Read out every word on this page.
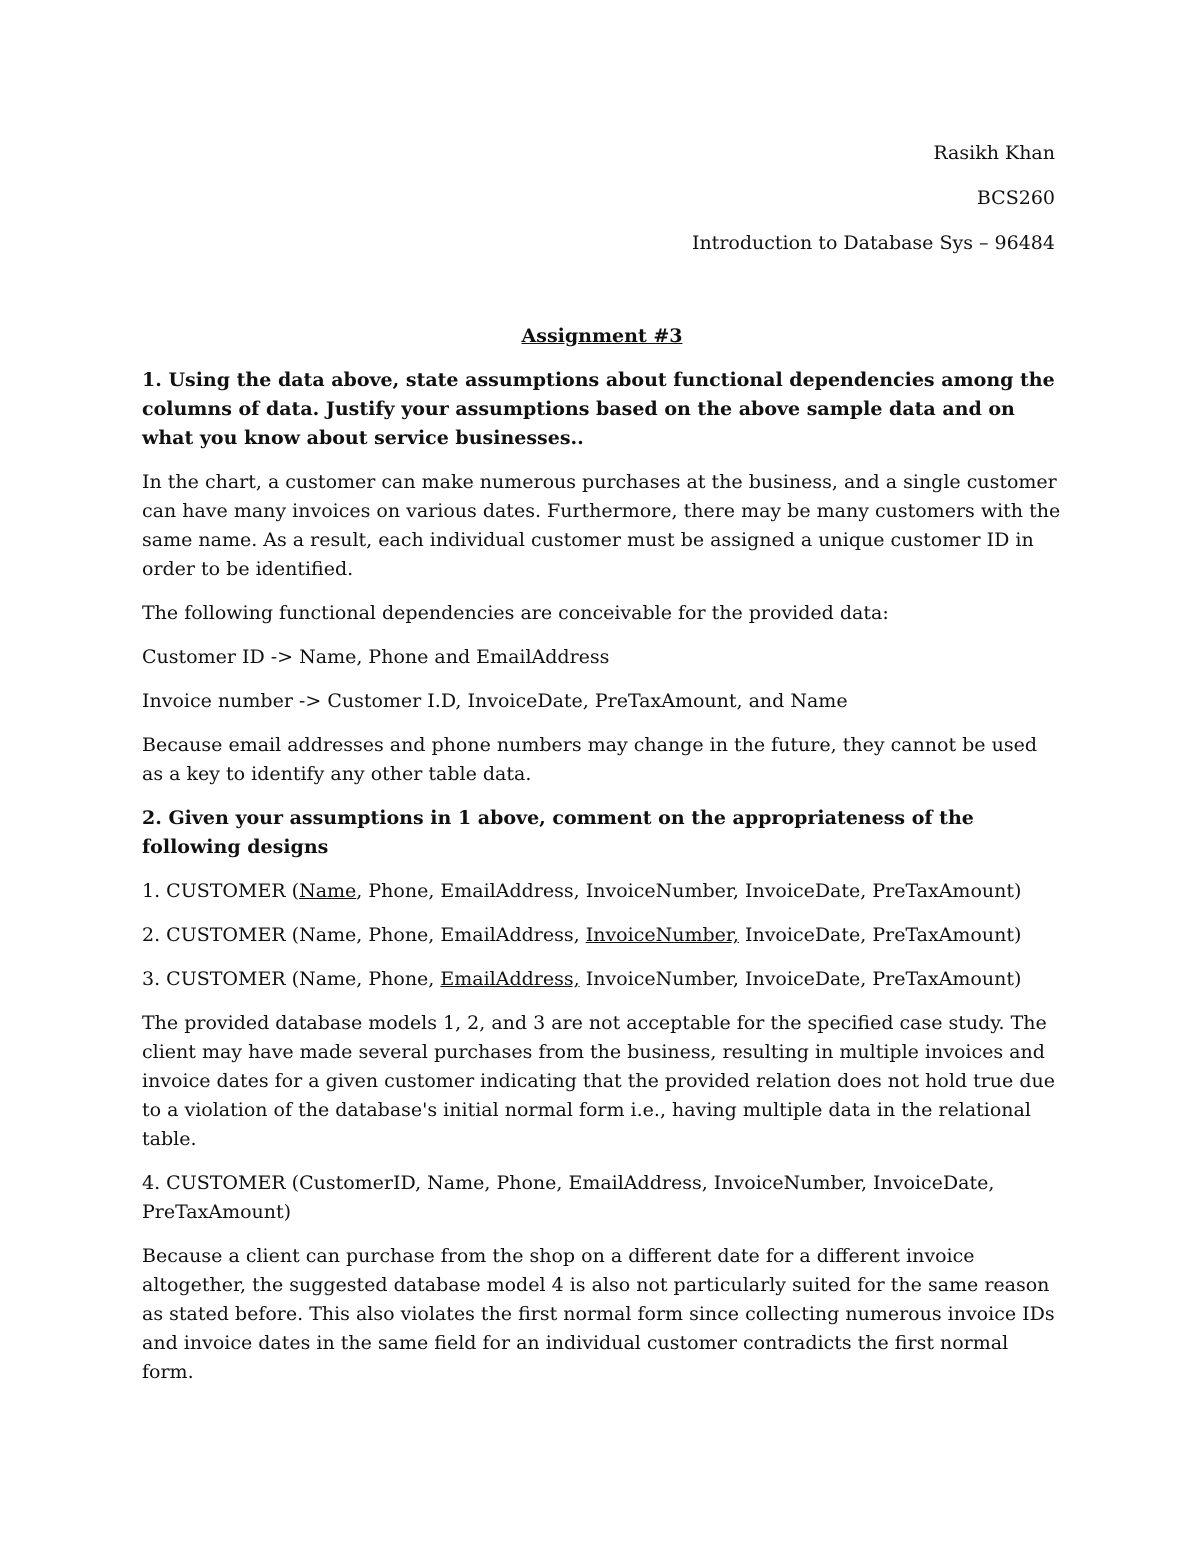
Rasikh Khan
BCS260
Introduction to Database Sys – 96484
Assignment #3

1. Using the data above, state assumptions about functional dependencies among the columns of data. Justify your assumptions based on the above sample data and on what you know about service businesses..

In the chart, a customer can make numerous purchases at the business, and a single customer can have many invoices on various dates. Furthermore, there may be many customers with the same name. As a result, each individual customer must be assigned a unique customer ID in order to be identified.

The following functional dependencies are conceivable for the provided data:

Customer ID -> Name, Phone and EmailAddress

Invoice number -> Customer I.D, InvoiceDate, PreTaxAmount, and Name

Because email addresses and phone numbers may change in the future, they cannot be used as a key to identify any other table data.

2. Given your assumptions in 1 above, comment on the appropriateness of the following designs

1. CUSTOMER (Name, Phone, EmailAddress, InvoiceNumber, InvoiceDate, PreTaxAmount)

2. CUSTOMER (Name, Phone, EmailAddress, InvoiceNumber, InvoiceDate, PreTaxAmount)

3. CUSTOMER (Name, Phone, EmailAddress, InvoiceNumber, InvoiceDate, PreTaxAmount)

The provided database models 1, 2, and 3 are not acceptable for the specified case study. The client may have made several purchases from the business, resulting in multiple invoices and invoice dates for a given customer indicating that the provided relation does not hold true due to a violation of the database's initial normal form i.e., having multiple data in the relational table.

4. CUSTOMER (CustomerID, Name, Phone, EmailAddress, InvoiceNumber, InvoiceDate, PreTaxAmount)

Because a client can purchase from the shop on a different date for a different invoice altogether, the suggested database model 4 is also not particularly suited for the same reason as stated before. This also violates the first normal form since collecting numerous invoice IDs and invoice dates in the same field for an individual customer contradicts the first normal form.
